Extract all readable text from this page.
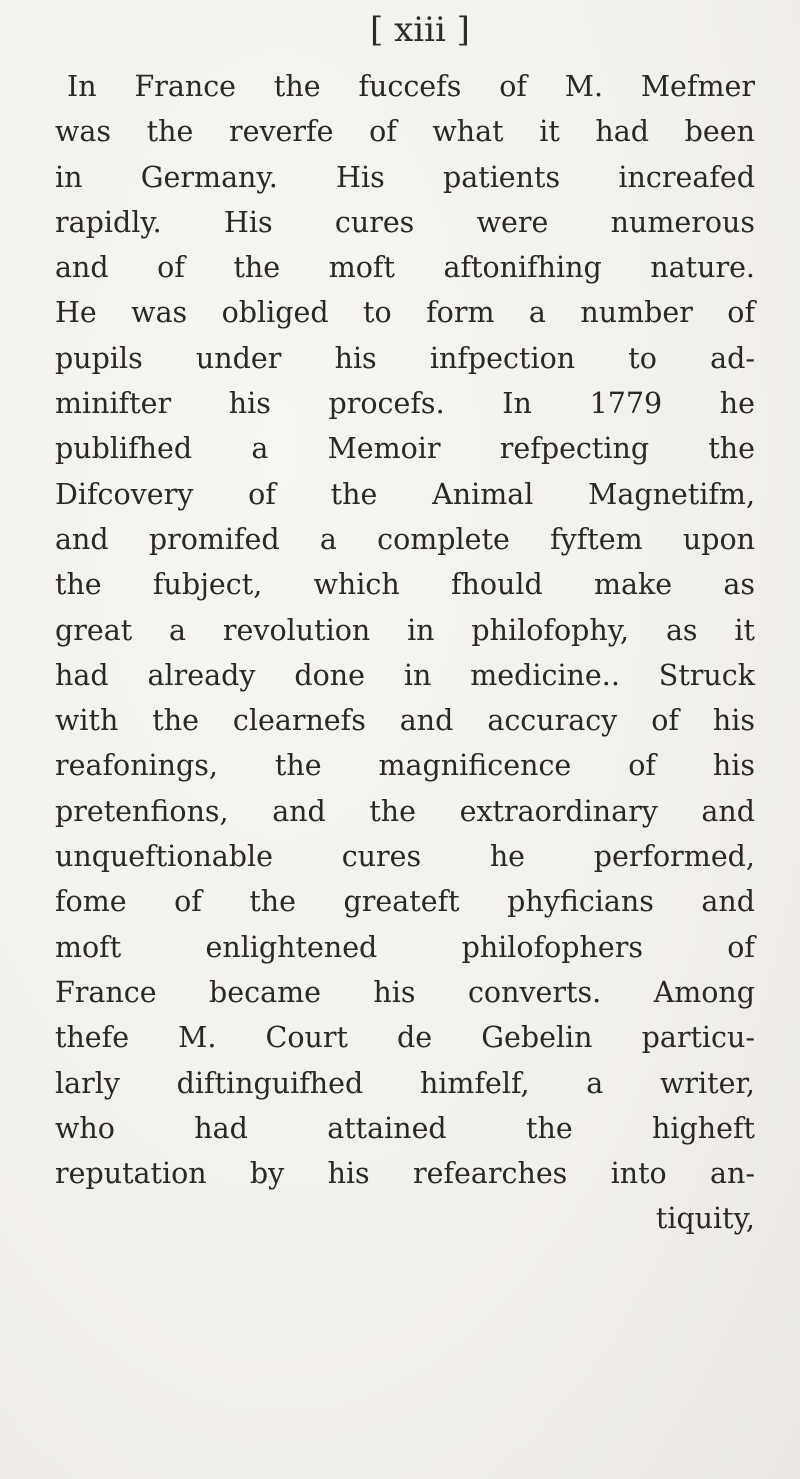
[ xiii ]
In France the fuccefs of M. Mefmer
was the reverfe of what it had been
in Germany. His patients increafed
rapidly. His cures were numerous
and of the moft aftonifhing nature.
He was obliged to form a number of
pupils under his infpection to ad-
minifter his procefs. In 1779 he
publifhed a Memoir refpecting the
Difcovery of the Animal Magnetifm,
and promifed a complete fyftem upon
the fubject, which fhould make as
great a revolution in philofophy, as it
had already done in medicine.. Struck
with the clearnefs and accuracy of his
reafonings, the magnificence of his
pretenfions, and the extraordinary and
unqueftionable cures he performed,
fome of the greateft phyficians and
moft enlightened philofophers of
France became his converts. Among
thefe M. Court de Gebelin particu-
larly diftinguifhed himfelf, a writer,
who had attained the higheft
reputation by his refearches into an-
tiquity,
